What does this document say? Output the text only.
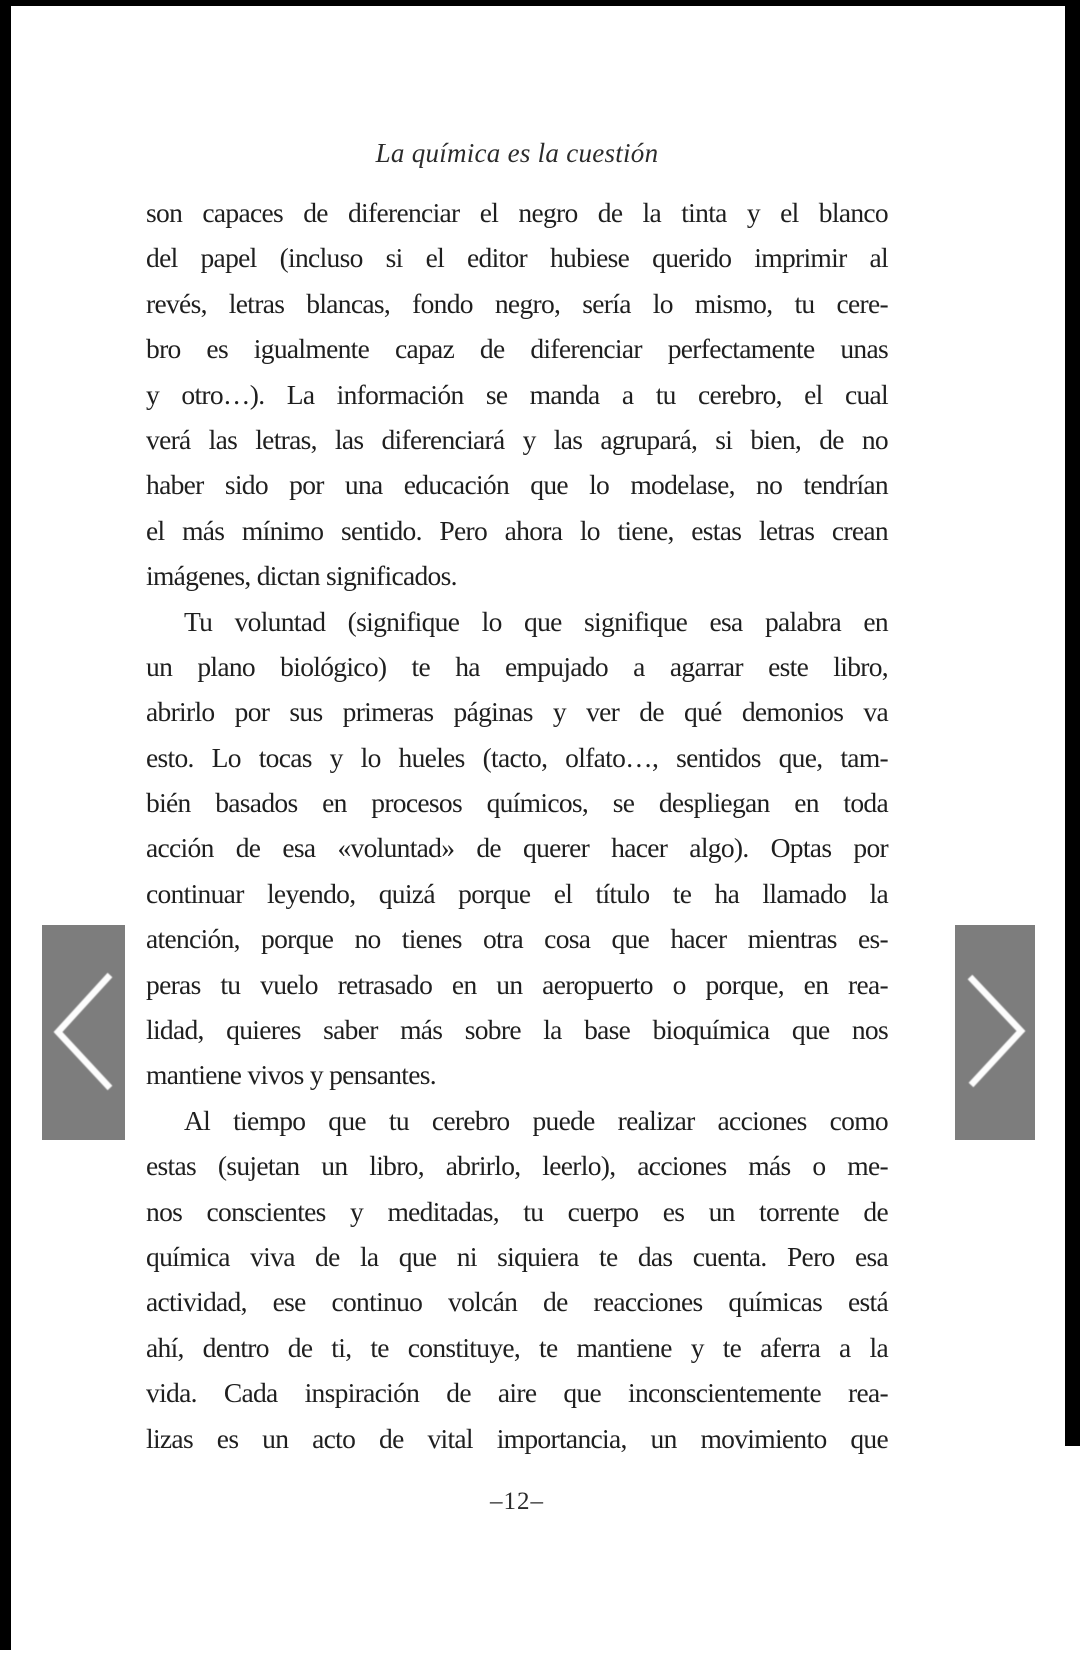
La química es la cuestión
son capaces de diferenciar el negro de la tinta y el blanco
del papel (incluso si el editor hubiese querido imprimir al
revés, letras blancas, fondo negro, sería lo mismo, tu cere-
bro es igualmente capaz de diferenciar perfectamente unas
y otro…). La información se manda a tu cerebro, el cual
verá las letras, las diferenciará y las agrupará, si bien, de no
haber sido por una educación que lo modelase, no tendrían
el más mínimo sentido. Pero ahora lo tiene, estas letras crean
imágenes, dictan significados.
Tu voluntad (signifique lo que signifique esa palabra en
un plano biológico) te ha empujado a agarrar este libro,
abrirlo por sus primeras páginas y ver de qué demonios va
esto. Lo tocas y lo hueles (tacto, olfato…, sentidos que, tam-
bién basados en procesos químicos, se despliegan en toda
acción de esa «voluntad» de querer hacer algo). Optas por
continuar leyendo, quizá porque el título te ha llamado la
atención, porque no tienes otra cosa que hacer mientras es-
peras tu vuelo retrasado en un aeropuerto o porque, en rea-
lidad, quieres saber más sobre la base bioquímica que nos
mantiene vivos y pensantes.
Al tiempo que tu cerebro puede realizar acciones como
estas (sujetan un libro, abrirlo, leerlo), acciones más o me-
nos conscientes y meditadas, tu cuerpo es un torrente de
química viva de la que ni siquiera te das cuenta. Pero esa
actividad, ese continuo volcán de reacciones químicas está
ahí, dentro de ti, te constituye, te mantiene y te aferra a la
vida. Cada inspiración de aire que inconscientemente rea-
lizas es un acto de vital importancia, un movimiento que
–12–
